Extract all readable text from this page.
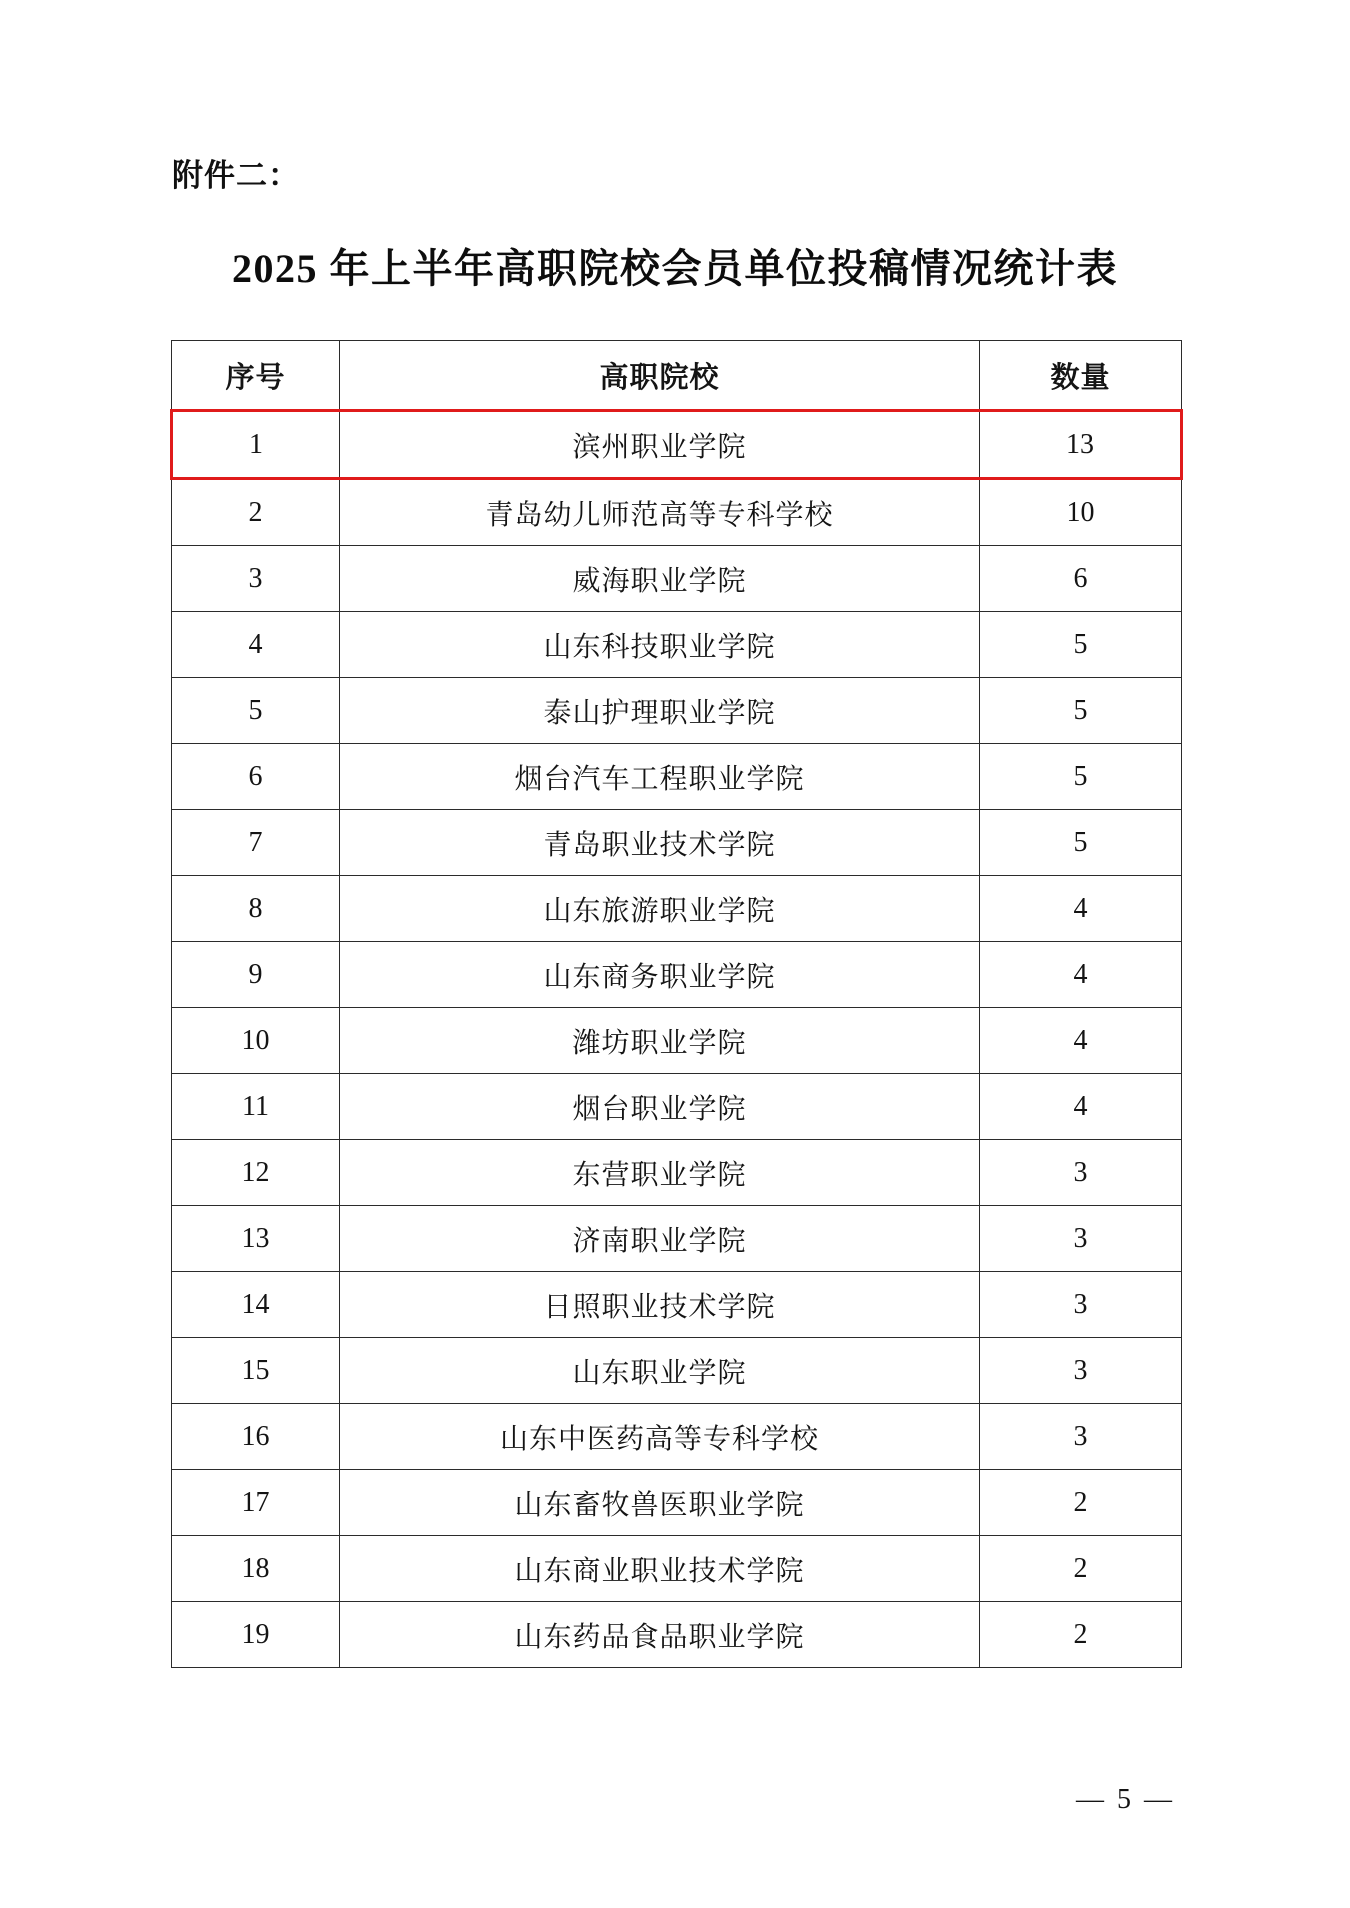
附件二：
2025 年上半年高职院校会员单位投稿情况统计表
序号	高职院校	数量
1	滨州职业学院	13
2	青岛幼儿师范高等专科学校	10
3	威海职业学院	6
4	山东科技职业学院	5
5	泰山护理职业学院	5
6	烟台汽车工程职业学院	5
7	青岛职业技术学院	5
8	山东旅游职业学院	4
9	山东商务职业学院	4
10	潍坊职业学院	4
11	烟台职业学院	4
12	东营职业学院	3
13	济南职业学院	3
14	日照职业技术学院	3
15	山东职业学院	3
16	山东中医药高等专科学校	3
17	山东畜牧兽医职业学院	2
18	山东商业职业技术学院	2
19	山东药品食品职业学院	2
— 5 —
